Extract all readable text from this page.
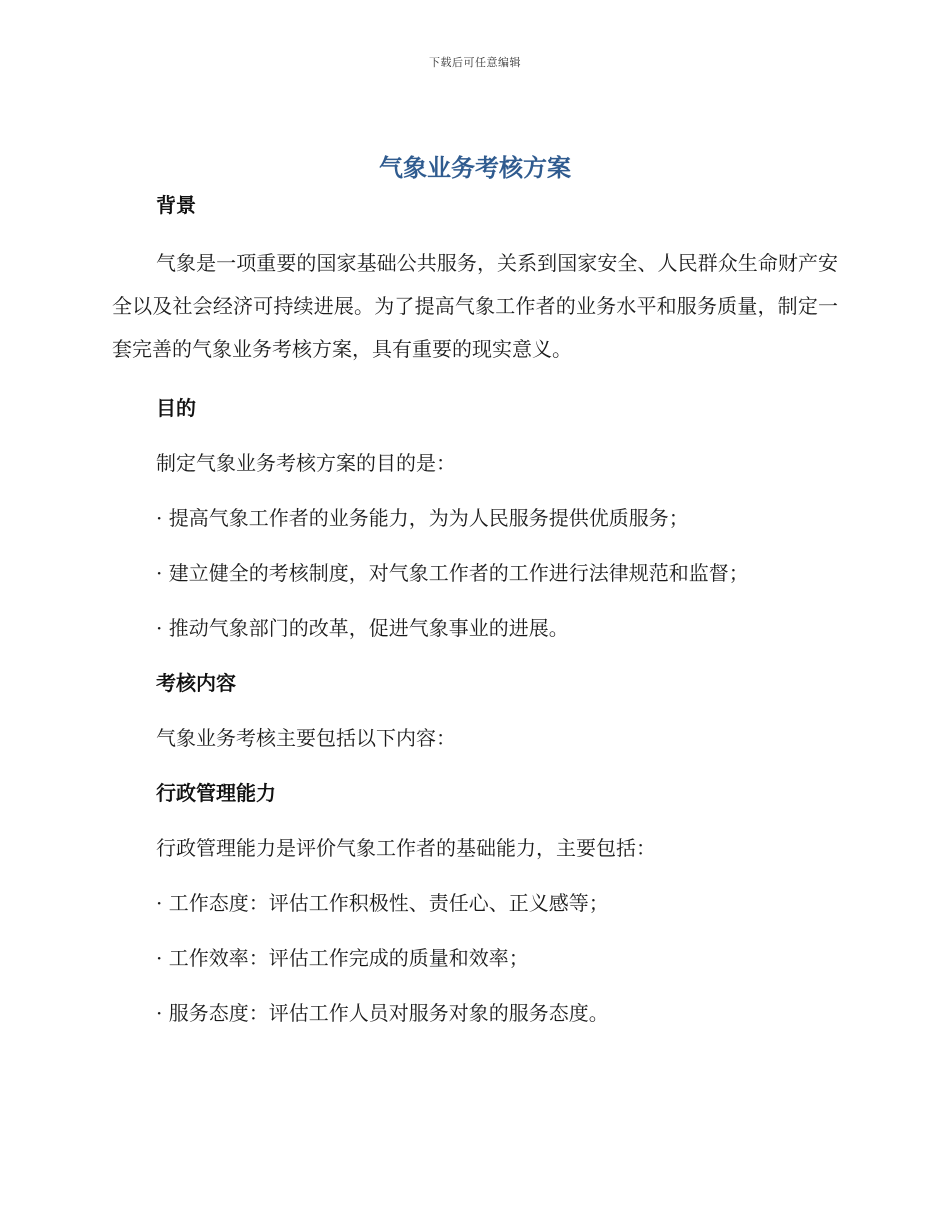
下载后可任意编辑
气象业务考核方案
背景

气象是一项重要的国家基础公共服务，关系到国家安全、人民群众生命财产安全以及社会经济可持续进展。为了提高气象工作者的业务水平和服务质量，制定一套完善的气象业务考核方案，具有重要的现实意义。

目的

制定气象业务考核方案的目的是：

· 提高气象工作者的业务能力，为为人民服务提供优质服务；

· 建立健全的考核制度，对气象工作者的工作进行法律规范和监督；

· 推动气象部门的改革，促进气象事业的进展。

考核内容

气象业务考核主要包括以下内容：

行政管理能力

行政管理能力是评价气象工作者的基础能力，主要包括：

· 工作态度：评估工作积极性、责任心、正义感等；

· 工作效率：评估工作完成的质量和效率；

· 服务态度：评估工作人员对服务对象的服务态度。
